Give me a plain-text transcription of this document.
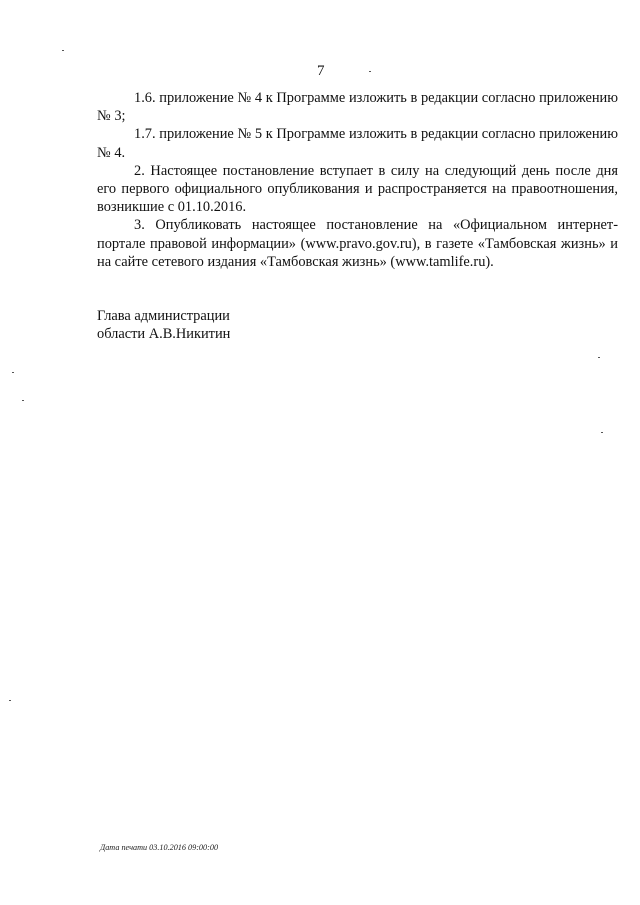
7

1.6. приложение № 4 к Программе изложить в редакции согласно приложению № 3;

1.7. приложение № 5 к Программе изложить в редакции согласно приложению № 4.

2. Настоящее постановление вступает в силу на следующий день после дня его первого официального опубликования и распространяется на правоотношения, возникшие с 01.10.2016.

3. Опубликовать настоящее постановление на «Официальном интернет-портале правовой информации» (www.pravo.gov.ru), в газете «Тамбовская жизнь» и на сайте сетевого издания «Тамбовская жизнь» (www.tamlife.ru).

Глава администрации
области А.В.Никитин
Дата печати 03.10.2016 09:00:00
